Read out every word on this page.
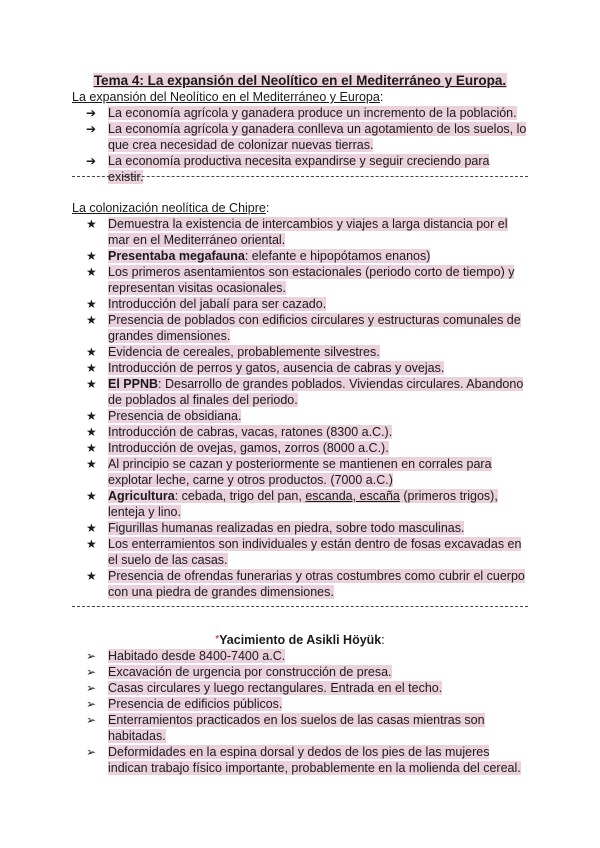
Tema 4: La expansión del Neolítico en el Mediterráneo y Europa.
La expansión del Neolítico en el Mediterráneo y Europa:
➔ La economía agrícola y ganadera produce un incremento de la población.
➔ La economía agrícola y ganadera conlleva un agotamiento de los suelos, lo que crea necesidad de colonizar nuevas tierras.
➔ La economía productiva necesita expandirse y seguir creciendo para existir.
La colonización neolítica de Chipre:
★ Demuestra la existencia de intercambios y viajes a larga distancia por el mar en el Mediterráneo oriental.
★ Presentaba megafauna: elefante e hipopótamos enanos)
★ Los primeros asentamientos son estacionales (periodo corto de tiempo) y representan visitas ocasionales.
★ Introducción del jabalí para ser cazado.
★ Presencia de poblados con edificios circulares y estructuras comunales de grandes dimensiones.
★ Evidencia de cereales, probablemente silvestres.
★ Introducción de perros y gatos, ausencia de cabras y ovejas.
★ El PPNB: Desarrollo de grandes poblados. Viviendas circulares. Abandono de poblados al finales del periodo.
★ Presencia de obsidiana.
★ Introducción de cabras, vacas, ratones (8300 a.C.).
★ Introducción de ovejas, gamos, zorros (8000 a.C.).
★ Al principio se cazan y posteriormente se mantienen en corrales para explotar leche, carne y otros productos. (7000 a.C.)
★ Agricultura: cebada, trigo del pan, escanda, escaña (primeros trigos), lenteja y lino.
★ Figurillas humanas realizadas en piedra, sobre todo masculinas.
★ Los enterramientos son individuales y están dentro de fosas excavadas en el suelo de las casas.
★ Presencia de ofrendas funerarias y otras costumbres como cubrir el cuerpo con una piedra de grandes dimensiones.
*Yacimiento de Asikli Höyük:
➢ Habitado desde 8400-7400 a.C.
➢ Excavación de urgencia por construcción de presa.
➢ Casas circulares y luego rectangulares. Entrada en el techo.
➢ Presencia de edificios públicos.
➢ Enterramientos practicados en los suelos de las casas mientras son habitadas.
➢ Deformidades en la espina dorsal y dedos de los pies de las mujeres indican trabajo físico importante, probablemente en la molienda del cereal.
